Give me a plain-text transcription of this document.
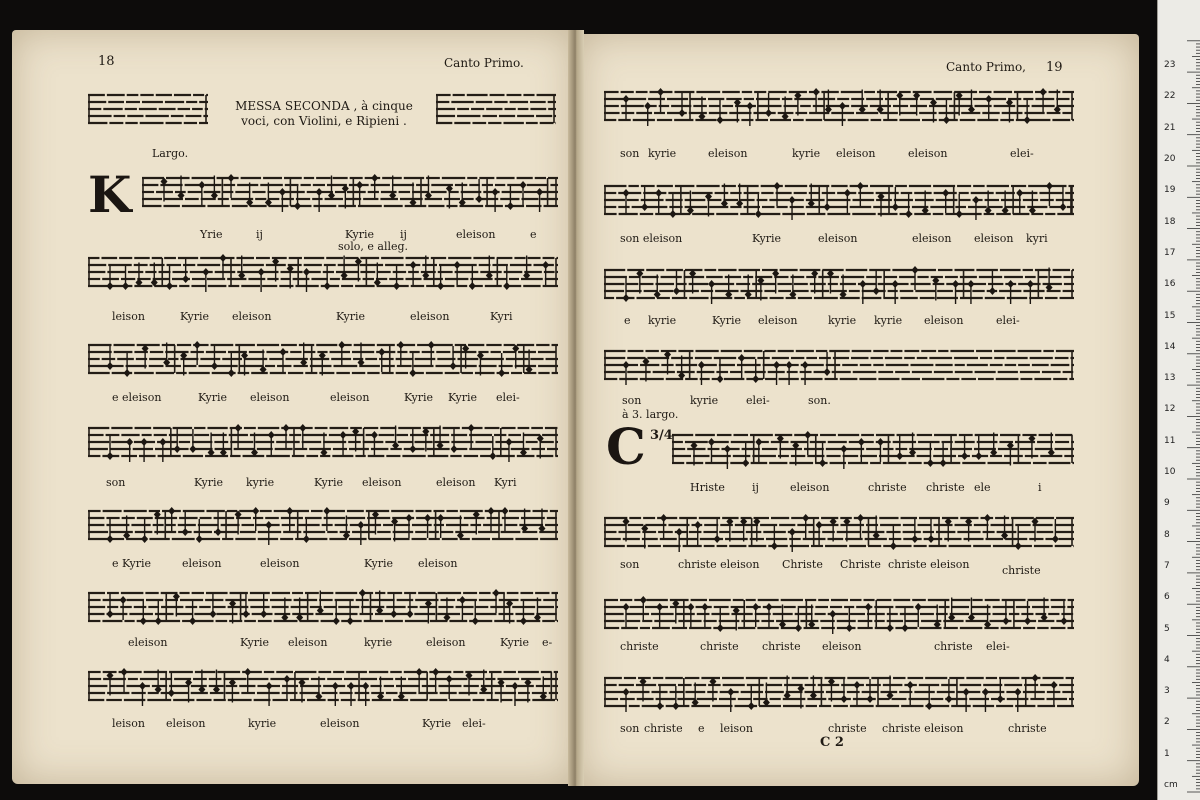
18	Canto Primo.

MESSA SECONDA , à cinque
voci, con Violini, e Ripieni .

Largo.

K

Yrie	ij	Kyrie ij	eleison	e
solo, e alleg.
leison	Kyrie eleison	Kyrie	eleison	Kyri
e eleison	Kyrie eleison	eleison	Kyrie Kyrie elei-
son	Kyrie kyrie	Kyrie eleison	eleison Kyri
e Kyrie	eleison	eleison	Kyrie eleison
eleison	Kyrie eleison	kyrie	eleison	Kyrie e-
leison eleison	kyrie	eleison	Kyrie elei-

Canto Primo, 19

à 3. largo.

C 3/4

son kyrie	eleison	kyrie eleison	eleison	elei-
son eleison	Kyrie	eleison	eleison eleison kyri
e kyrie	Kyrie eleison	kyrie kyrie eleison	elei-
son	kyrie	elei-	son.
Hriste ij	eleison	christe christe ele	i
son	christe eleison Christe Christe christe eleison	christe
christe	christe christe eleison	christe elei-
son christe e leison	christe christe eleison	christe

C 2

23
22
21
20
19
18
17
16
15
14
13
12
11
10
9
8
7
6
5
4
3
2
1
cm
